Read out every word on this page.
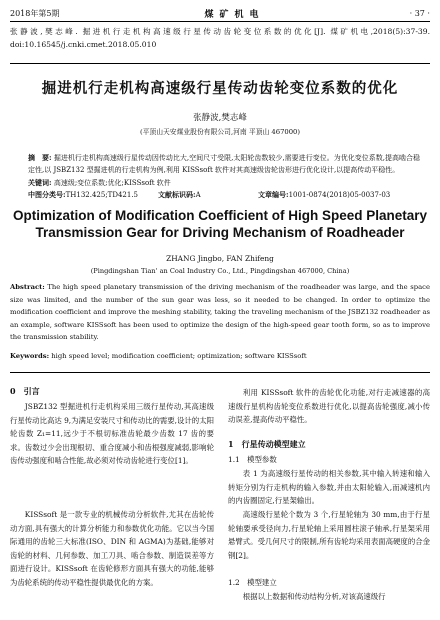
2018年第5期	煤矿机电	· 37 ·
张静波,樊志峰. 掘进机行走机构高速级行星传动齿轮变位系数的优化[J]. 煤矿机电,2018(5):37-39. doi:10.16545/j.cnki.cmet.2018.05.010
掘进机行走机构高速级行星传动齿轮变位系数的优化
张静波,樊志峰
(平顶山天安煤业股份有限公司,河南 平顶山 467000)
摘　要: 掘进机行走机构高速级行星传动因传动比大,空间尺寸受限,太阳轮齿数较少,需要进行变位。为优化变位系数,提高啮合稳定性,以 JSBZ132 型掘进机的行走机构为例,利用 KISSsoft 软件对其高速级齿轮齿形进行优化设计,以提高传动平稳性。
关键词: 高速级;变位系数;优化;KISSsoft 软件
中图分类号:TH132.425;TD421.5	文献标识码:A	文章编号:1001-0874(2018)05-0037-03
Optimization of Modification Coefficient of High Speed Planetary Transmission Gear for Driving Mechanism of Roadheader
ZHANG Jingbo, FAN Zhifeng
(Pingdingshan Tian' an Coal Industry Co., Ltd., Pingdingshan 467000, China)
Abstract: The high speed planetary transmission of the driving mechanism of the roadheader was large, and the space size was limited, and the number of the sun gear was less, so it needed to be changed. In order to optimize the modification coefficient and improve the meshing stability, taking the traveling mechanism of the JSBZ132 roadheader as an example, software KISSsoft has been used to optimize the design of the high-speed gear tooth form, so as to improve the transmission stability.
Keywords: high speed level; modification coefficient; optimization; software KISSsoft
0　引言
JSBZ132 型掘进机行走机构采用三级行星传动,其高速级行星传动比高达 9,为满足安装尺寸和传动比的需要,设计的太阳轮齿数 Z₁=11,远少于不根切标准齿轮最少齿数 17 齿的要求。齿数过少会出现根切、重合度减小和齿根强度减弱,影响轮齿传动强度和啮合性能,故必须对传动齿轮进行变位[1]。
KISSsoft 是一款专业的机械传动分析软件,尤其在齿轮传动方面,具有强大的计算分析能力和参数优化功能。它以当今国际通用的齿轮三大标准(ISO、DIN 和 AGMA)为基础,能够对齿轮的材料、几何参数、加工刀具、啮合参数、制造误差等方面进行设计。KISSsoft 在齿轮修形方面具有强大的功能,能够为齿轮系统的传动平稳性提供最优化的方案。
利用 KISSsoft 软件的齿轮优化功能,对行走减速器的高速级行星机构齿轮变位系数进行优化,以提高齿轮强度,减小传动误差,提高传动平稳性。
1　行星传动模型建立
1.1　模型参数
表 1 为高速级行星传动的相关参数,其中输入转速和输入转矩分别为行走机构的输入参数,并由太阳轮输入,而减速机内的内齿圈固定,行星架输出。
高速级行星轮个数为 3 个,行星轮轴为 30 mm,由于行星轮轴要承受径向力,行星轮轴上采用圆柱滚子轴承,行星架采用悬臂式。受几何尺寸的限制,所有齿轮均采用表面高硬度的合金钢[2]。
1.2　模型建立
根据以上数据和传动结构分析,对该高速级行
